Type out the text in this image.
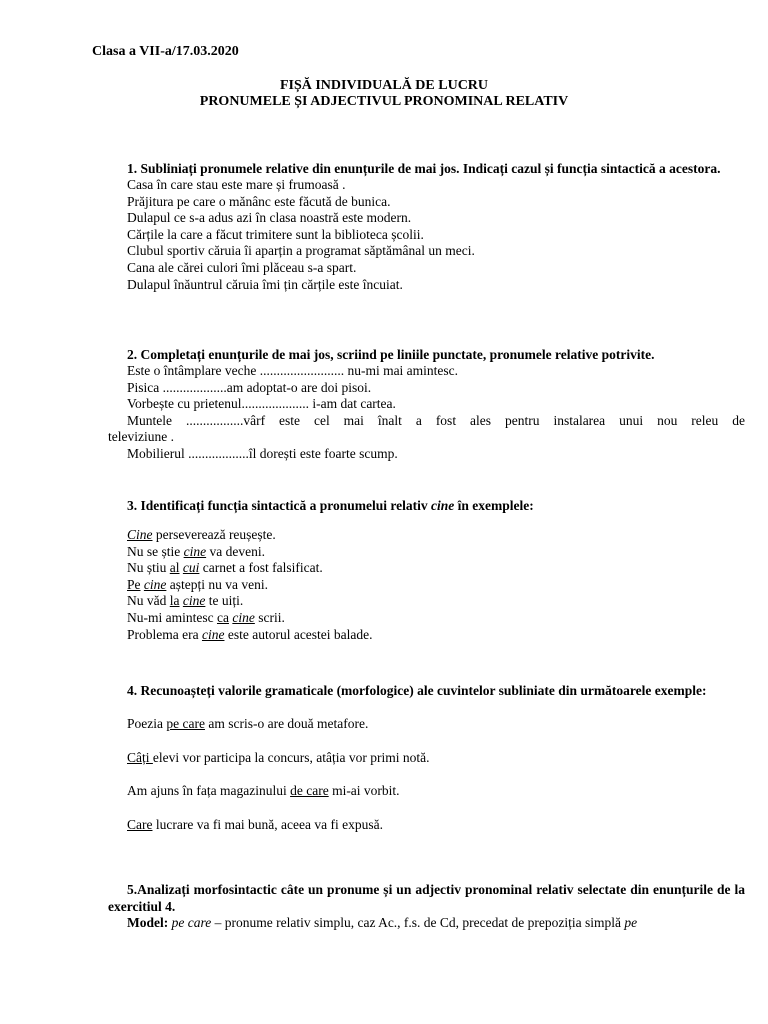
Clasa a VII-a/17.03.2020
FIȘĂ INDIVIDUALĂ DE LUCRU
PRONUMELE ȘI ADJECTIVUL PRONOMINAL RELATIV

1. Subliniați pronumele relative din enunțurile de mai jos. Indicați cazul și funcția sintactică a acestora.

Casa în care stau este mare și frumoasă .
Prăjitura pe care o mănânc este făcută de bunica.
Dulapul ce s-a adus azi în clasa noastră este modern.
Cărțile la care a făcut trimitere sunt la biblioteca școlii.
Clubul sportiv căruia îi aparțin a programat săptămânal un meci.
Cana ale cărei culori îmi plăceau s-a spart.
Dulapul înăuntrul căruia îmi țin cărțile este încuiat.

2. Completați enunțurile de mai jos, scriind pe liniile punctate, pronumele relative potrivite.

Este o întâmplare veche ......................... nu-mi mai amintesc.
Pisica ...................am adoptat-o are doi pisoi.
Vorbește cu prietenul.................... i-am dat cartea.
Muntele .................vârf este cel mai înalt a fost ales pentru instalarea unui nou releu de
televiziune .
Mobilierul ..................îl dorești este foarte scump.

3. Identificați funcția sintactică a pronumelui relativ cine în exemplele:

Cine perseverează reușește.
Nu se știe cine va deveni.
Nu știu al cui carnet a fost falsificat.
Pe cine aștepți nu va veni.
Nu văd la cine te uiți.
Nu-mi amintesc ca cine scrii.
Problema era cine este autorul acestei balade.

4. Recunoașteți valorile gramaticale (morfologice) ale cuvintelor subliniate din următoarele exemple:

Poezia pe care am scris-o are două metafore.
Câți elevi vor participa la concurs, atâția vor primi notă.
Am ajuns în fața magazinului de care mi-ai vorbit.
Care lucrare va fi mai bună, aceea va fi expusă.

5.Analizați morfosintactic câte un pronume și un adjectiv pronominal relativ selectate din enunțurile de la exercitiul 4.

Model: pe care – pronume relativ simplu, caz Ac., f.s. de Cd, precedat de prepoziția simplă pe
